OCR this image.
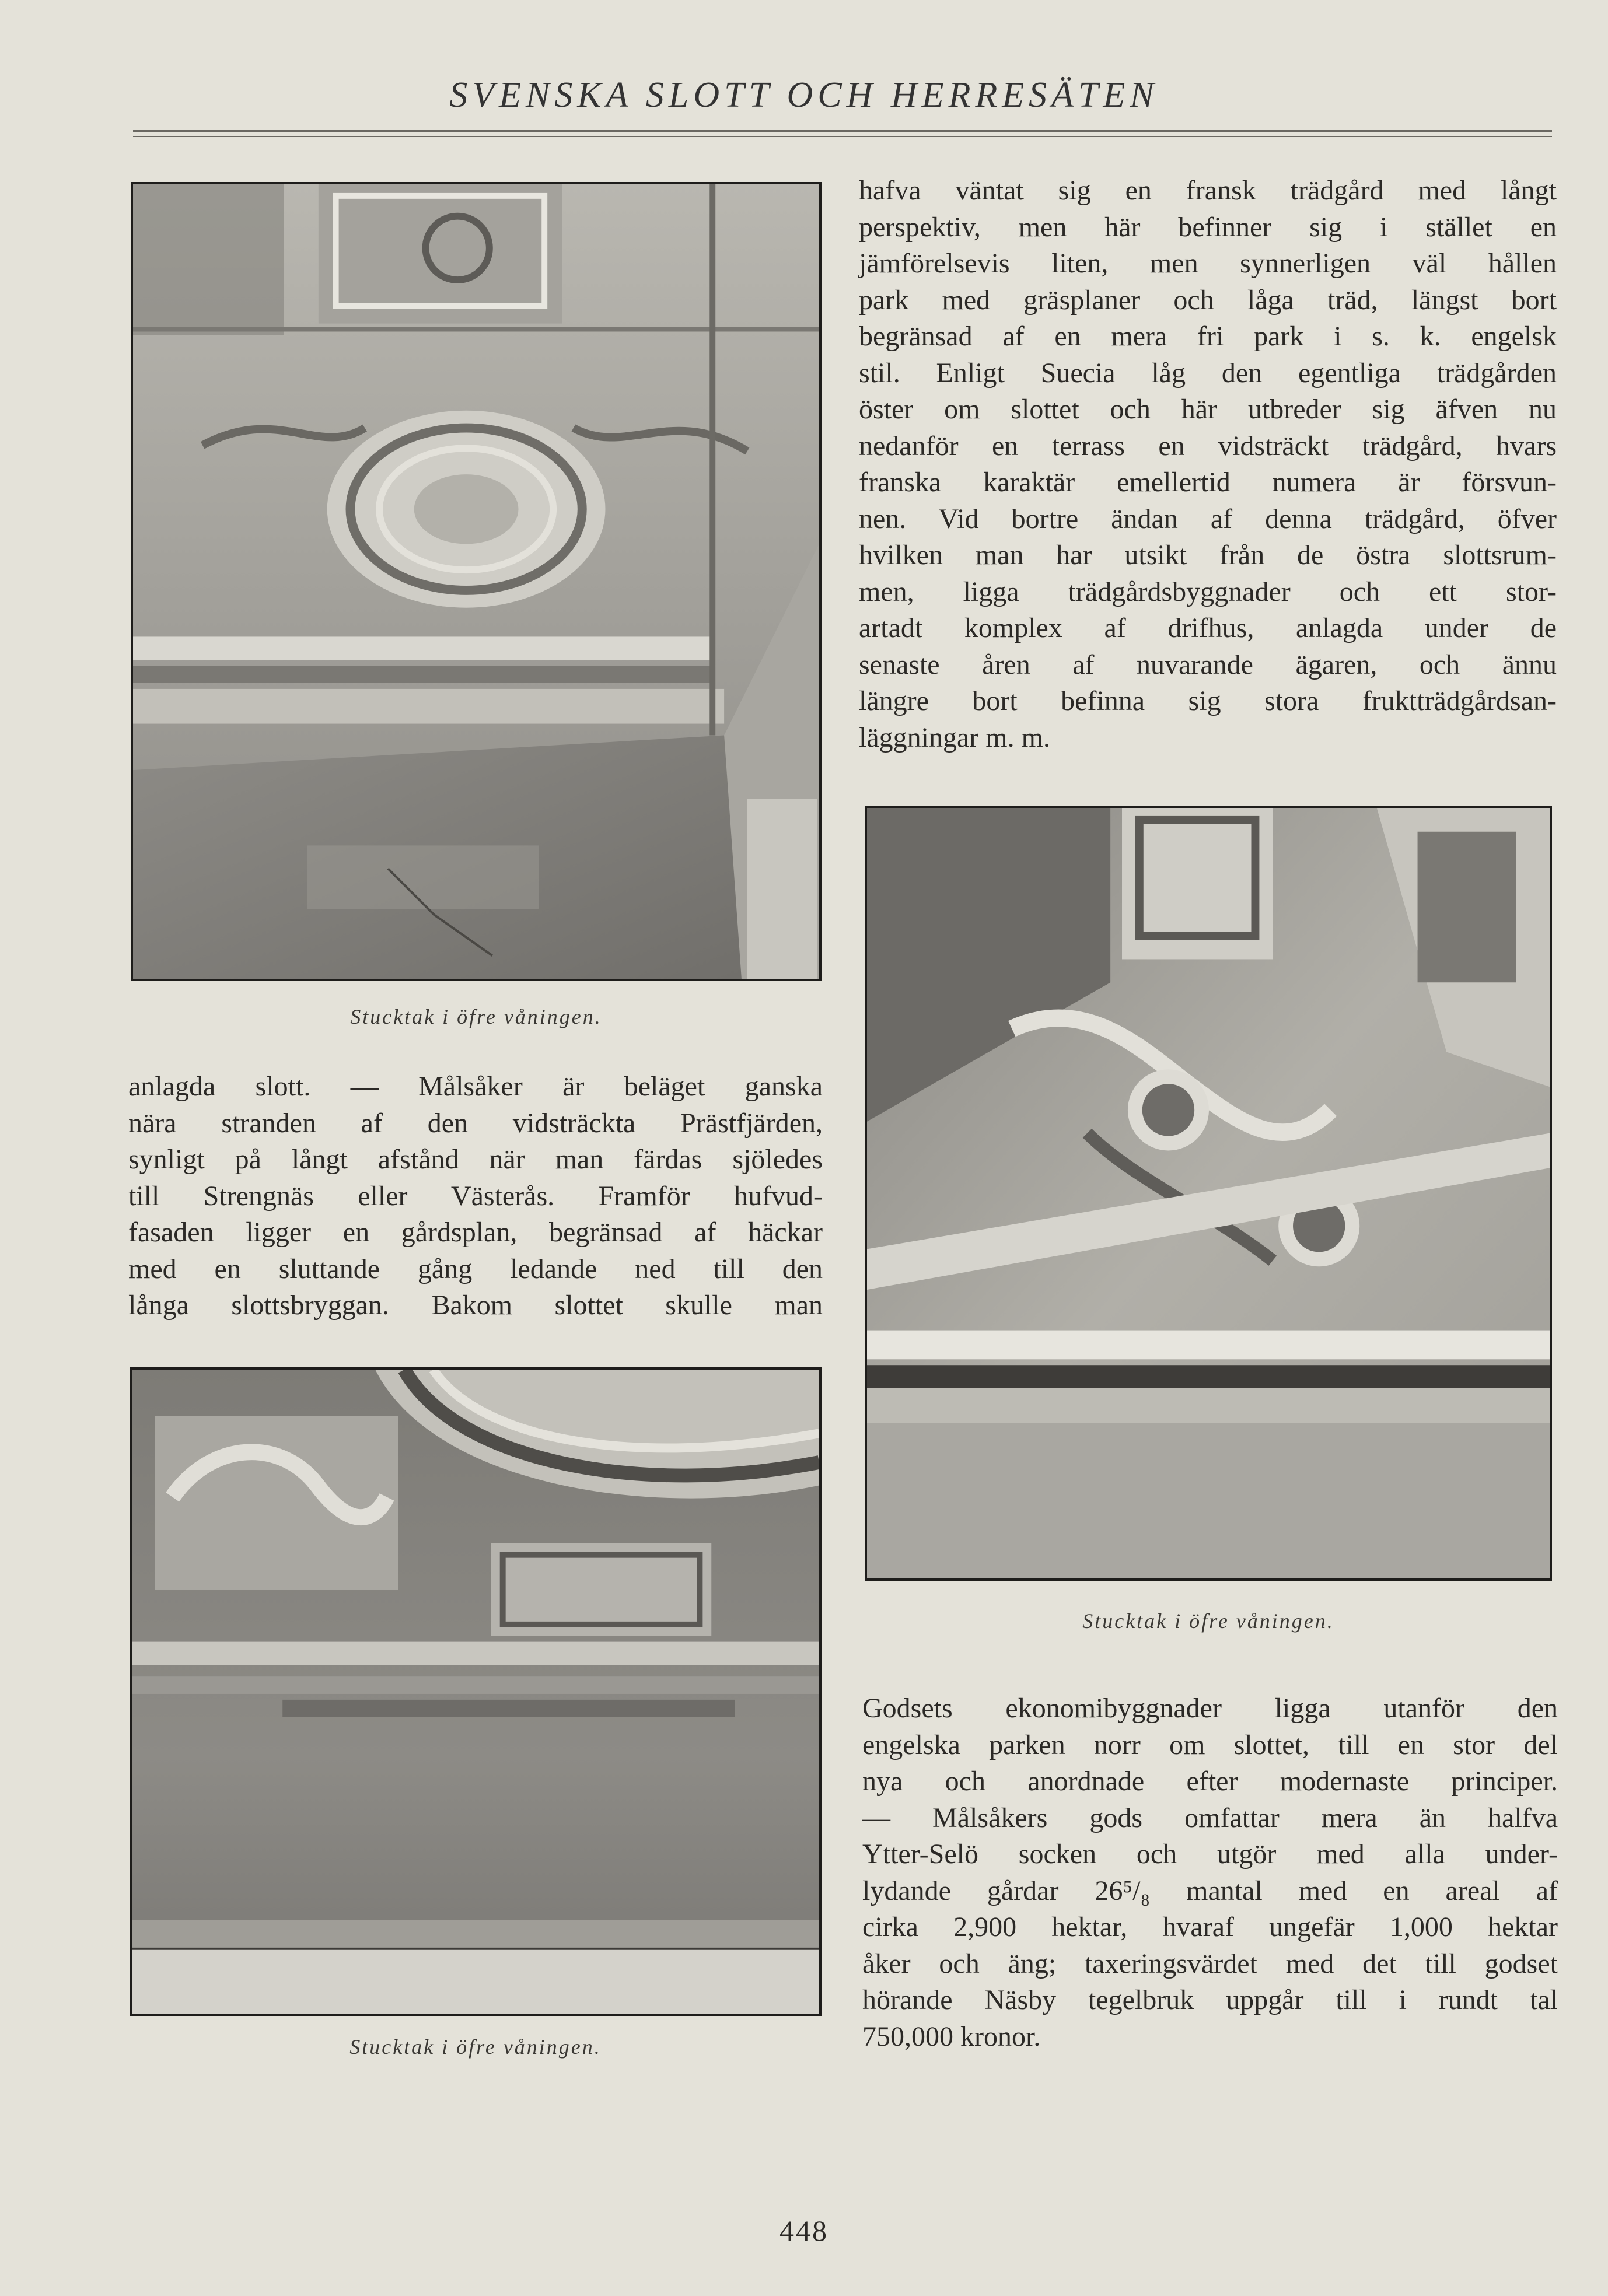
SVENSKA SLOTT OCH HERRESÄTEN
Stucktak i öfre våningen.
hafva väntat sig en fransk trädgård med långt
perspektiv, men här befinner sig i stället en
jämförelsevis liten, men synnerligen väl hållen
park med gräsplaner och låga träd, längst bort
begränsad af en mera fri park i s. k. engelsk
stil. Enligt Suecia låg den egentliga trädgården
öster om slottet och här utbreder sig äfven nu
nedanför en terrass en vidsträckt trädgård, hvars
franska karaktär emellertid numera är försvun-
nen. Vid bortre ändan af denna trädgård, öfver
hvilken man har utsikt från de östra slottsrum-
men, ligga trädgårdsbyggnader och ett stor-
artadt komplex af drifhus, anlagda under de
senaste åren af nuvarande ägaren, och ännu
längre bort befinna sig stora fruktträdgårdsan-
läggningar m. m.
Stucktak i öfre våningen.
anlagda slott. — Målsåker är beläget ganska
nära stranden af den vidsträckta Prästfjärden,
synligt på långt afstånd när man färdas sjöledes
till Strengnäs eller Västerås. Framför hufvud-
fasaden ligger en gårdsplan, begränsad af häckar
med en sluttande gång ledande ned till den
långa slottsbryggan. Bakom slottet skulle man
Stucktak i öfre våningen.
Godsets ekonomibyggnader ligga utanför den
engelska parken norr om slottet, till en stor del
nya och anordnade efter modernaste principer.
— Målsåkers gods omfattar mera än halfva
Ytter-Selö socken och utgör med alla under-
lydande gårdar 26⁵/₈ mantal med en areal af
cirka 2,900 hektar, hvaraf ungefär 1,000 hektar
åker och äng; taxeringsvärdet med det till godset
hörande Näsby tegelbruk uppgår till i rundt tal
750,000 kronor.
448
